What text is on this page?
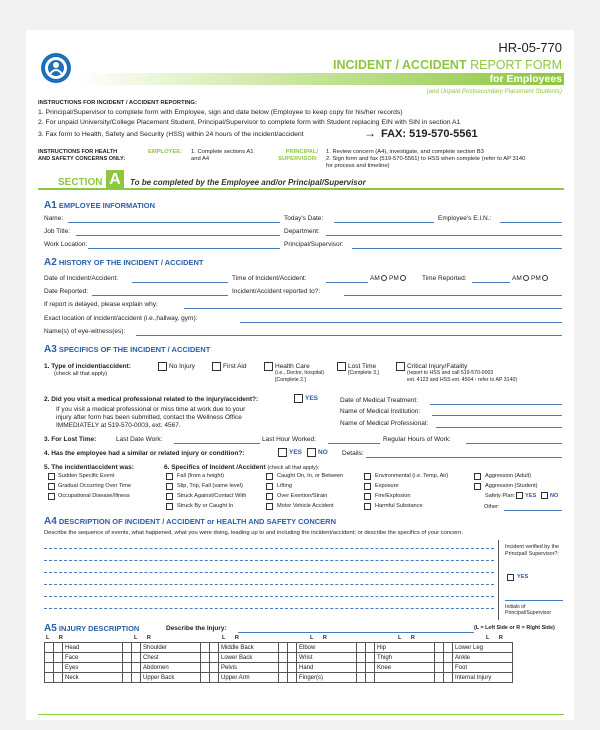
HR-05-770
INCIDENT / ACCIDENT REPORT FORM
for Employees
(and Unpaid Postsecondary Placement Students)
INSTRUCTIONS FOR INCIDENT / ACCIDENT REPORTING:
1. Principal/Supervisor to complete form with Employee, sign and date below (Employee to keep copy for his/her records)
2. For unpaid University/College Placement Student, Principal/Supervisor to complete form with Student replacing EIN with SIN in section A1
3. Fax form to Health, Safety and Security (HSS) within 24 hours of the incident/accident	→ FAX: 519-570-5561
INSTRUCTIONS FOR HEALTH AND SAFETY CONCERNS ONLY:
EMPLOYEE: 1. Complete sections A1 and A4
PRINCIPAL/ SUPERVISOR:
1. Review concern (A4), investigate, and complete section B3
2. Sign form and fax (519-570-5561) to HSS when complete (refer to AP 3140 for process and timeline)
SECTION A	To be completed by the Employee and/or Principal/Supervisor
A1 EMPLOYEE INFORMATION
Name:	Today's Date:	Employee's E.I.N.:
Job Title:	Department:
Work Location:	Principal/Supervisor:
A2 HISTORY OF THE INCIDENT / ACCIDENT
Date of Incident/Accident:	Time of Incident/Accident:	AM PM	Time Reported:	AM PM
Date Reported:	Incident/Accident reported to?:
If report is delayed, please explain why:
Exact location of incident/accident (i.e.,hallway, gym):
Name(s) of eye-witness(es):
A3 SPECIFICS OF THE INCIDENT / ACCIDENT
1. Type of incident/accident:
(check all that apply)
No Injury	First Aid	Health Care
(i.e., Doctor, hospital)
[Complete 2.]
Lost Time
[Complete 3.]
Critical Injury/Fatality
(report to HSS and call 519-570-0003
ext. 4123 and HSS ext. 4504 - refer to AP 3140)
2. Did you visit a medical professional related to the injury/accident?:	YES	Date of Medical Treatment:
If you visit a medical professional or miss time at work due to your
injury after form has been submitted, contact the Wellness Office
IMMEDIATELY at 519-570-0003, ext. 4567.
Name of Medical Institution:
Name of Medical Professional:
3. For Lost Time:	Last Date Work:	Last Hour Worked:	Regular Hours of Work:
4. Has the employee had a similar or related injury or condition?:	YES NO Details:
5. The incident/accident was:	6. Specifics of Incident /Accident (check all that apply):
Sudden Specific Event
Gradual Occurring Over Time
Occupational Disease/Illness
Fall (from a height)
Slip, Trip, Fall (same level)
Struck Against/Contact With
Struck By or Caught In
Caught On, In, or Between
Lifting
Over Exertion/Strain
Motor Vehicle Accident
Environmental (i.e. Temp, Air)
Exposure
Fire/Explosion
Harmful Substance
Aggression (Adult)
Aggression (Student)
Safety Plan: YES NO
Other:
A4 DESCRIPTION OF INCIDENT / ACCIDENT or HEALTH AND SAFETY CONCERN
Describe the sequence of events, what happened, what you were doing, leading up to and including the incident/accident; or describe the specifics of your concern.
Incident verified by the Principal/ Supervisor?:
YES
Initials of Principal/Supervisor
A5 INJURY DESCRIPTION	Describe the Injury:	(L = Left Side or R = Right Side)
L R	L R	L R	L R	L R	L R
		Head			Shoulder			Middle Back			Elbow			Hip			Lower Leg
		Face			Chest			Lower Back			Wrist			Thigh			Ankle
		Eyes			Abdomen			Pelvis			Hand			Knee			Foot
		Neck			Upper Back			Upper Arm			Finger(s)						Internal Injury
